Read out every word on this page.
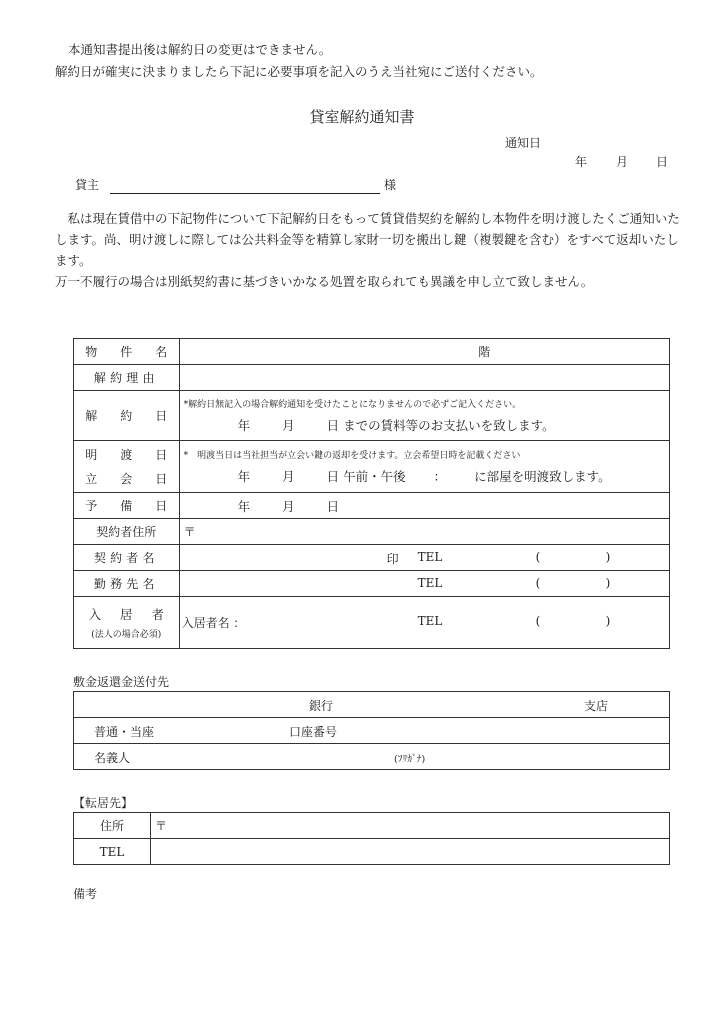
本通知書提出後は解約日の変更はできません。
解約日が確実に決まりましたら下記に必要事項を記入のうえ当社宛にご送付ください。
貸室解約通知書
通知日
年 月 日
貸主	様

私は現在賃借中の下記物件について下記解約日をもって賃貸借契約を解約し本物件を明け渡したくご通知いたします。尚、明け渡しに際しては公共料金等を精算し家財一切を搬出し鍵（複製鍵を含む）をすべて返却いたします。

万一不履行の場合は別紙契約書に基づきいかなる処置を取られても異議を申し立て致しません。

物 件 名	階
解約理由	
解 約 日	*解約日無記入の場合解約通知を受けたことになりませんので必ずご記入ください。
年 月 日 までの賃料等のお支払いを致します。

明 渡 日
立 会 日	*　明渡当日は当社担当が立会い鍵の返却を受けます。立会希望日時を記載ください
年 月 日 午前・午後 ： に部屋を明渡致します。

予 備 日	年 月 日

契約者住所	〒
契約者名	印 TEL ( )

勤務先名	TEL ( )

入 居 者
(法人の場合必須)	入居者名 ： TEL ( )
敷金返還金送付先
銀行	支店

普通・当座	口座番号

名義人	(ﾌﾘｶﾞﾅ)
【転居先】
住所	〒
TEL	
備考
